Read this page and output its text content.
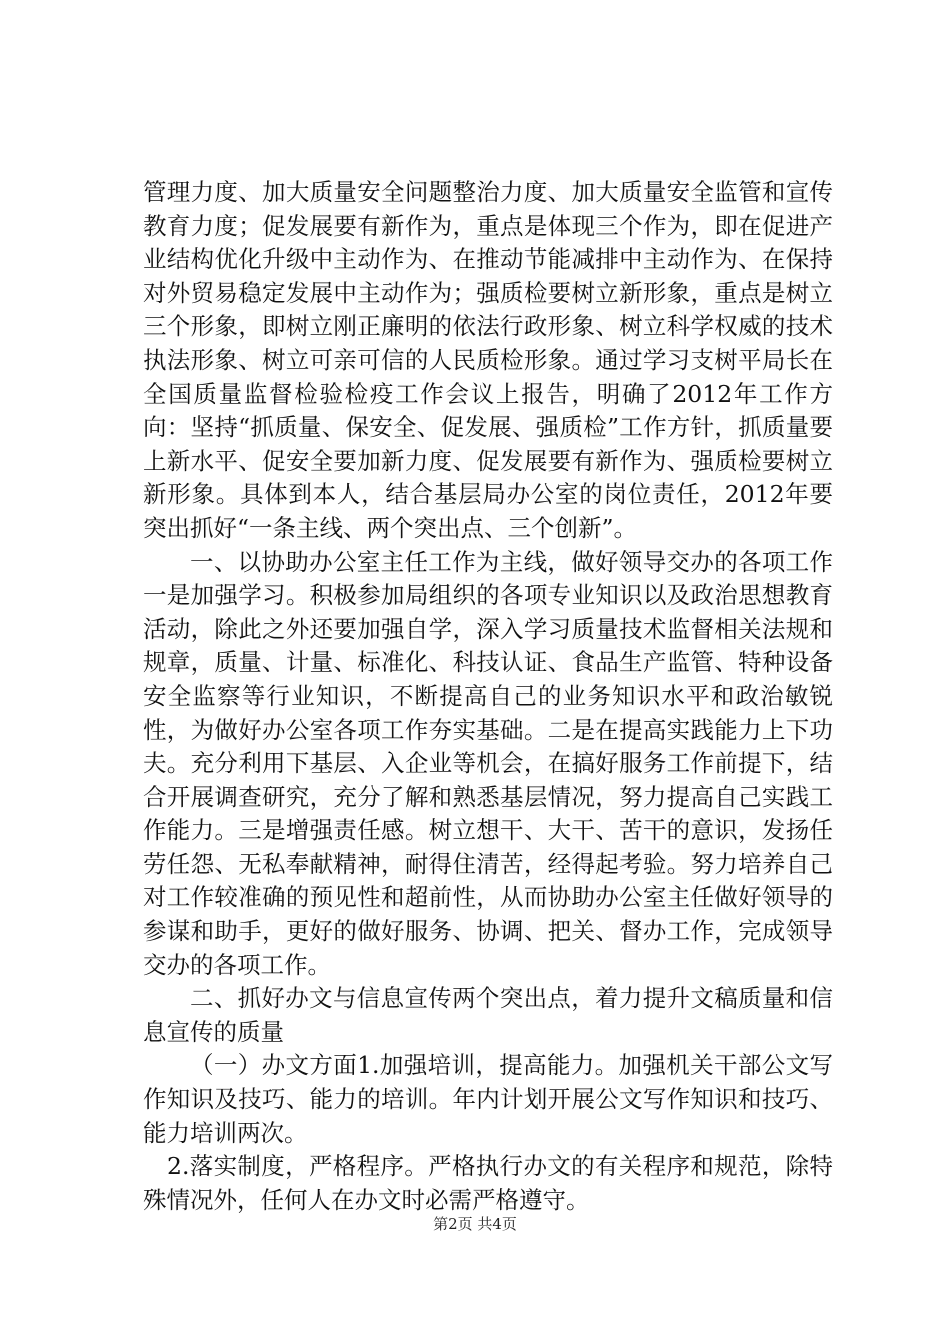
管理力度、加大质量安全问题整治力度、加大质量安全监管和宣传教育力度；促发展要有新作为，重点是体现三个作为，即在促进产业结构优化升级中主动作为、在推动节能减排中主动作为、在保持对外贸易稳定发展中主动作为；强质检要树立新形象，重点是树立三个形象，即树立刚正廉明的依法行政形象、树立科学权威的技术执法形象、树立可亲可信的人民质检形象。通过学习支树平局长在全国质量监督检验检疫工作会议上报告，明确了2012年工作方向：坚持“抓质量、保安全、促发展、强质检”工作方针，抓质量要上新水平、促安全要加新力度、促发展要有新作为、强质检要树立新形象。具体到本人，结合基层局办公室的岗位责任，2012年要突出抓好“一条主线、两个突出点、三个创新”。

一、以协助办公室主任工作为主线，做好领导交办的各项工作一是加强学习。积极参加局组织的各项专业知识以及政治思想教育活动，除此之外还要加强自学，深入学习质量技术监督相关法规和规章，质量、计量、标准化、科技认证、食品生产监管、特种设备安全监察等行业知识，不断提高自己的业务知识水平和政治敏锐性，为做好办公室各项工作夯实基础。二是在提高实践能力上下功夫。充分利用下基层、入企业等机会，在搞好服务工作前提下，结合开展调查研究，充分了解和熟悉基层情况，努力提高自己实践工作能力。三是增强责任感。树立想干、大干、苦干的意识，发扬任劳任怨、无私奉献精神，耐得住清苦，经得起考验。努力培养自己对工作较准确的预见性和超前性，从而协助办公室主任做好领导的参谋和助手，更好的做好服务、协调、把关、督办工作，完成领导交办的各项工作。

二、抓好办文与信息宣传两个突出点，着力提升文稿质量和信息宣传的质量

（一）办文方面1.加强培训，提高能力。加强机关干部公文写作知识及技巧、能力的培训。年内计划开展公文写作知识和技巧、能力培训两次。

2.落实制度，严格程序。严格执行办文的有关程序和规范，除特殊情况外，任何人在办文时必需严格遵守。

第2页 共4页
